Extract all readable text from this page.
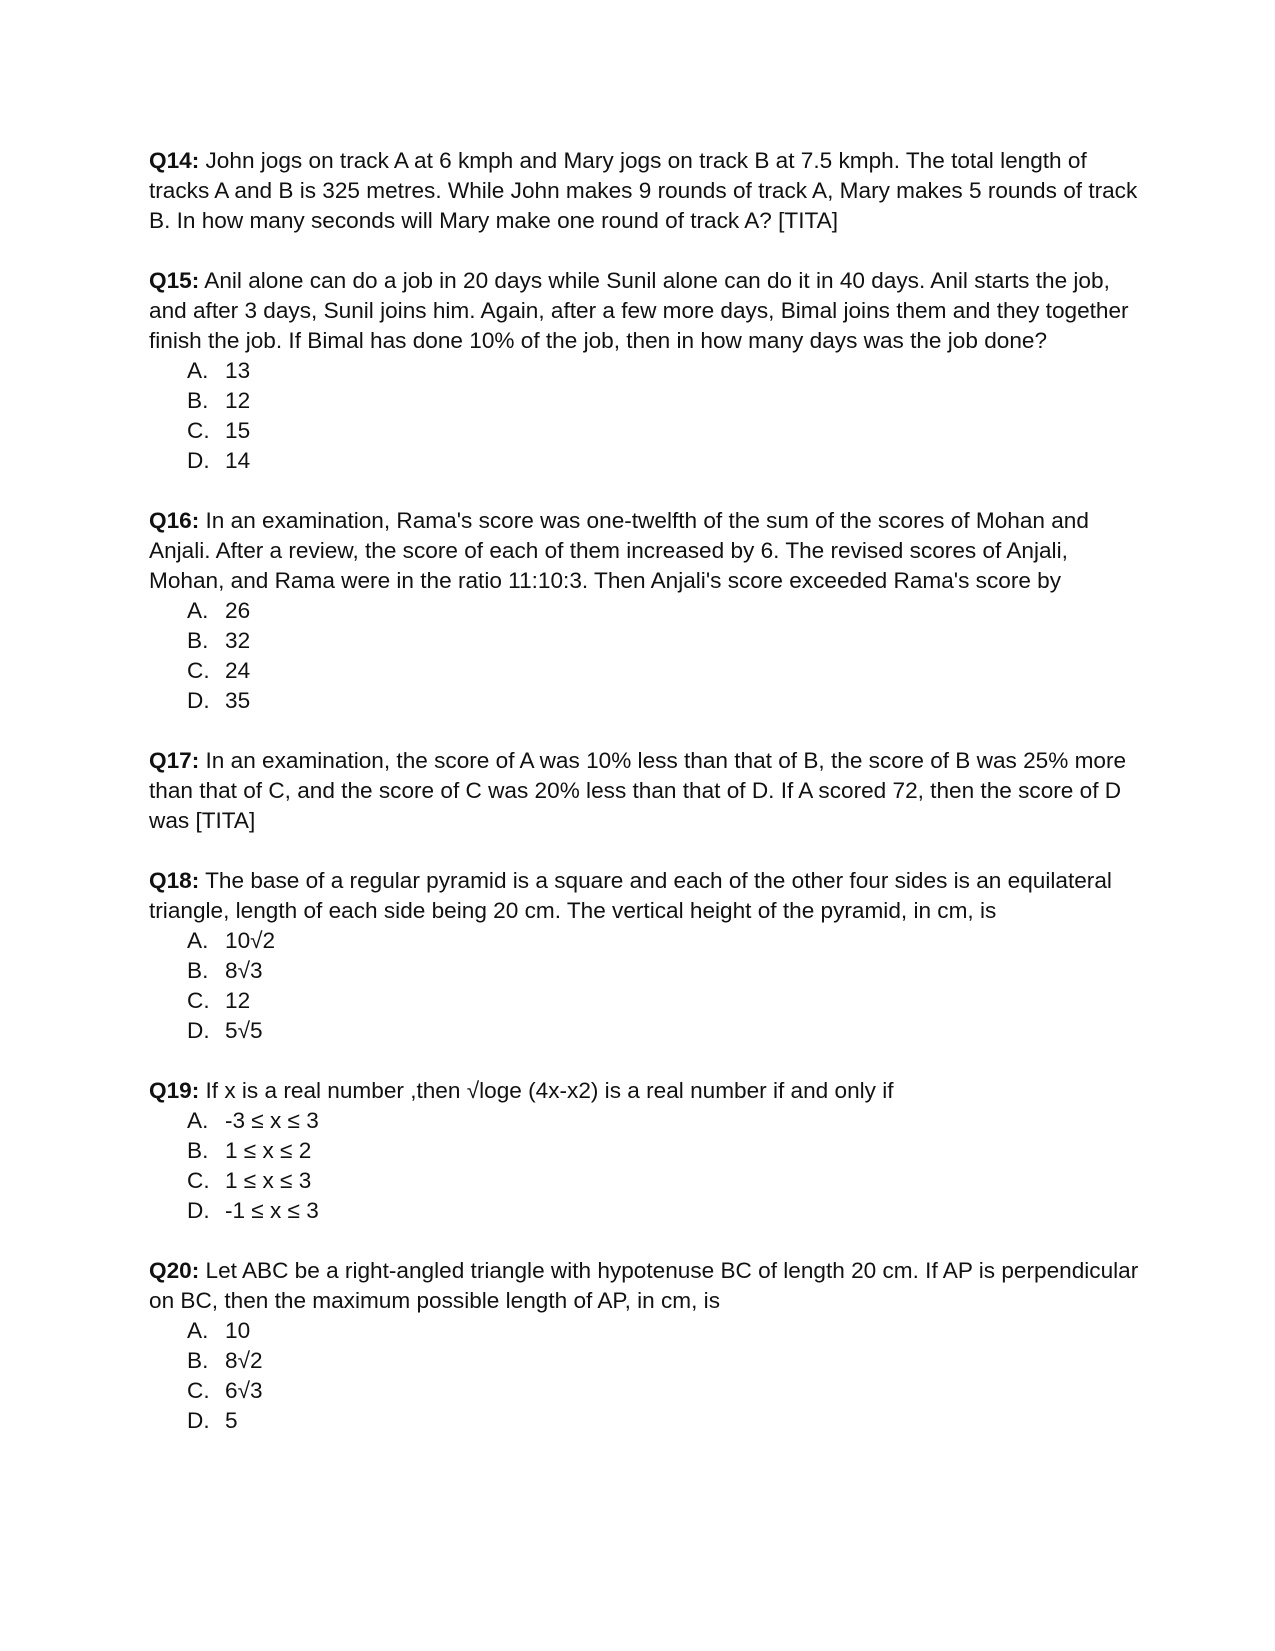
Q14: John jogs on track A at 6 kmph and Mary jogs on track B at 7.5 kmph. The total length of tracks A and B is 325 metres. While John makes 9 rounds of track A, Mary makes 5 rounds of track B. In how many seconds will Mary make one round of track A? [TITA]

Q15: Anil alone can do a job in 20 days while Sunil alone can do it in 40 days. Anil starts the job, and after 3 days, Sunil joins him. Again, after a few more days, Bimal joins them and they together finish the job. If Bimal has done 10% of the job, then in how many days was the job done?

A. 13
B. 12
C. 15
D. 14

Q16: In an examination, Rama's score was one-twelfth of the sum of the scores of Mohan and Anjali. After a review, the score of each of them increased by 6. The revised scores of Anjali, Mohan, and Rama were in the ratio 11:10:3. Then Anjali's score exceeded Rama's score by

A. 26
B. 32
C. 24
D. 35

Q17: In an examination, the score of A was 10% less than that of B, the score of B was 25% more than that of C, and the score of C was 20% less than that of D. If A scored 72, then the score of D was [TITA]

Q18: The base of a regular pyramid is a square and each of the other four sides is an equilateral triangle, length of each side being 20 cm. The vertical height of the pyramid, in cm, is

A. 10√2
B. 8√3
C. 12
D. 5√5

Q19: If x is a real number ,then √loge (4x-x2) is a real number if and only if

A. -3 ≤ x ≤ 3
B. 1 ≤ x ≤ 2
C. 1 ≤ x ≤ 3
D. -1 ≤ x ≤ 3

Q20: Let ABC be a right-angled triangle with hypotenuse BC of length 20 cm. If AP is perpendicular on BC, then the maximum possible length of AP, in cm, is

A. 10
B. 8√2
C. 6√3
D. 5
